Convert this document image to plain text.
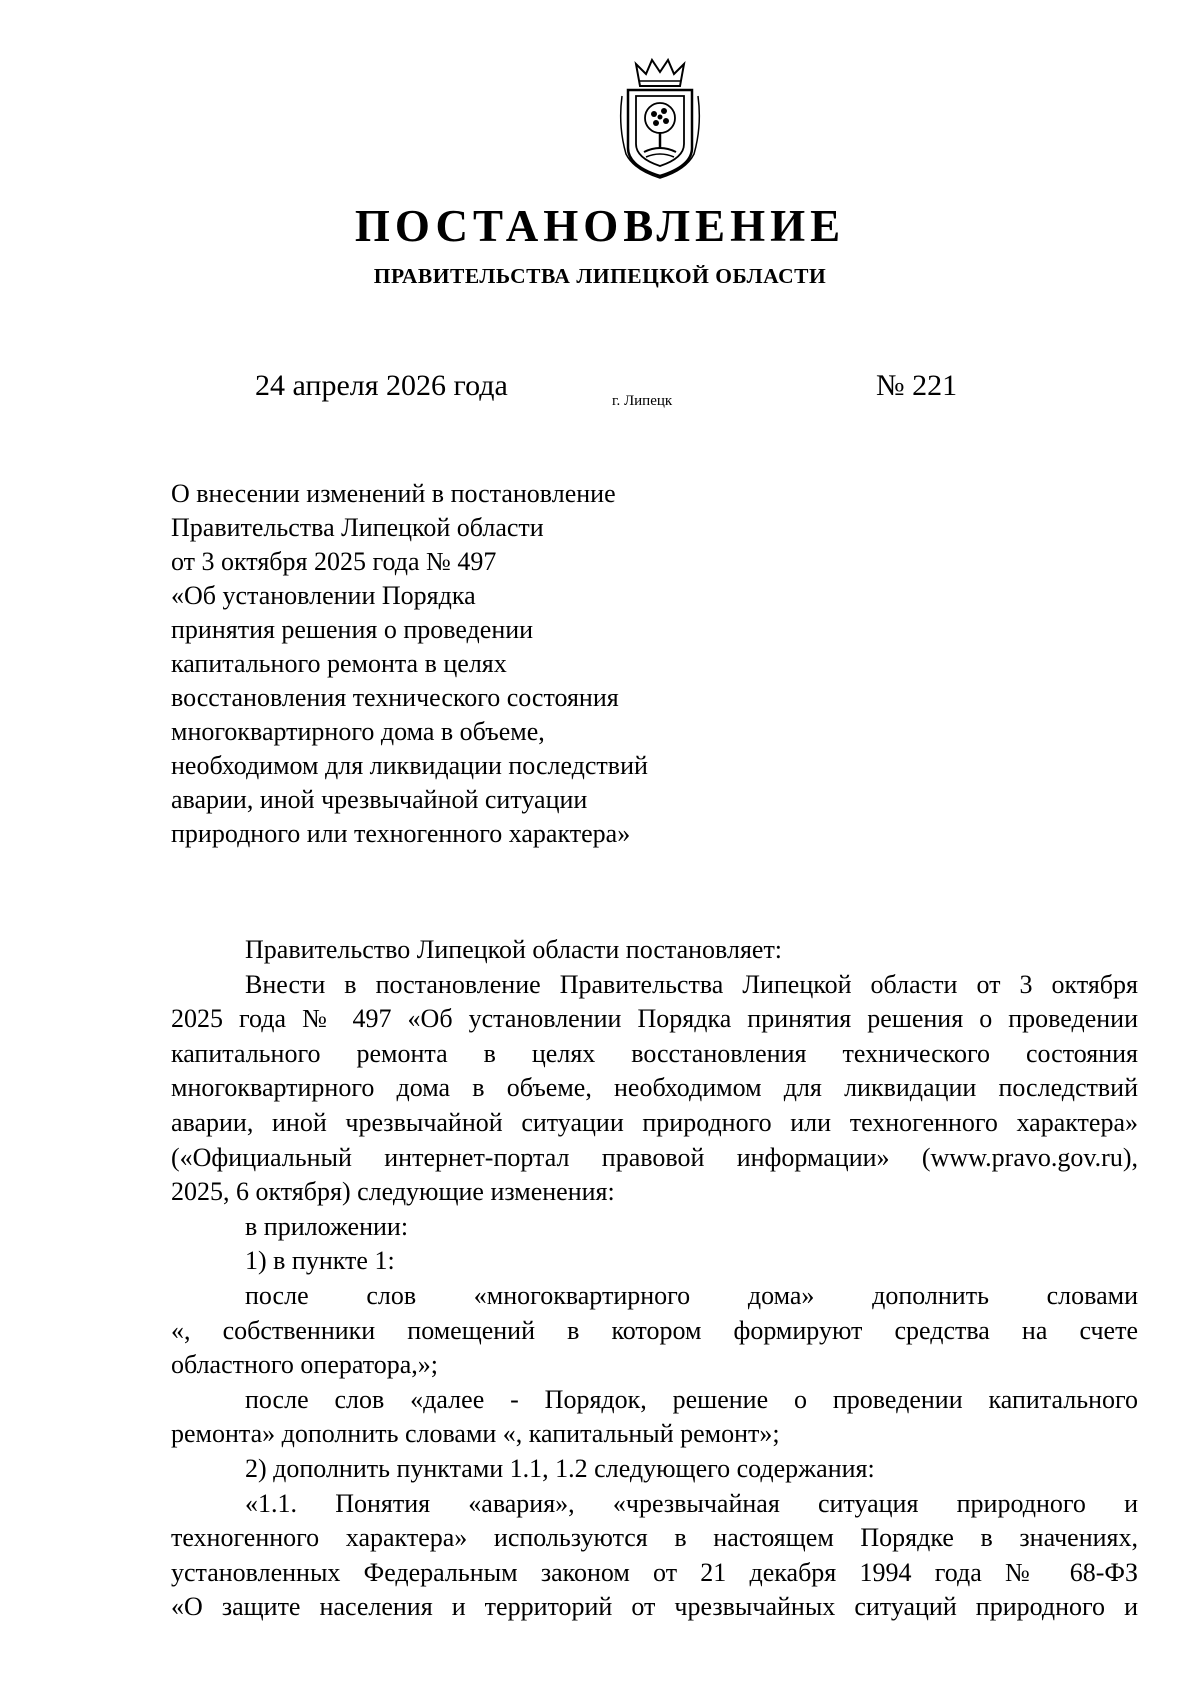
ПОСТАНОВЛЕНИЕ
ПРАВИТЕЛЬСТВА ЛИПЕЦКОЙ ОБЛАСТИ
24 апреля 2026 года	г. Липецк	№ 221
О внесении изменений в постановление
Правительства Липецкой области
от 3 октября 2025 года № 497
«Об установлении Порядка
принятия решения о проведении
капитального ремонта в целях
восстановления технического состояния
многоквартирного дома в объеме,
необходимом для ликвидации последствий
аварии, иной чрезвычайной ситуации
природного или техногенного характера»
Правительство Липецкой области постановляет:
Внести в постановление Правительства Липецкой области от 3 октября
2025 года № 497 «Об установлении Порядка принятия решения о проведении
капитального ремонта в целях восстановления технического состояния
многоквартирного дома в объеме, необходимом для ликвидации последствий
аварии, иной чрезвычайной ситуации природного или техногенного характера»
(«Официальный интернет-портал правовой информации» (www.pravo.gov.ru),
2025, 6 октября) следующие изменения:
в приложении:
1) в пункте 1:
после слов «многоквартирного дома» дополнить словами
«, собственники помещений в котором формируют средства на счете
областного оператора,»;
после слов «далее - Порядок, решение о проведении капитального
ремонта» дополнить словами «, капитальный ремонт»;
2) дополнить пунктами 1.1, 1.2 следующего содержания:
«1.1. Понятия «авария», «чрезвычайная ситуация природного и
техногенного характера» используются в настоящем Порядке в значениях,
установленных Федеральным законом от 21 декабря 1994 года № 68-ФЗ
«О защите населения и территорий от чрезвычайных ситуаций природного и
